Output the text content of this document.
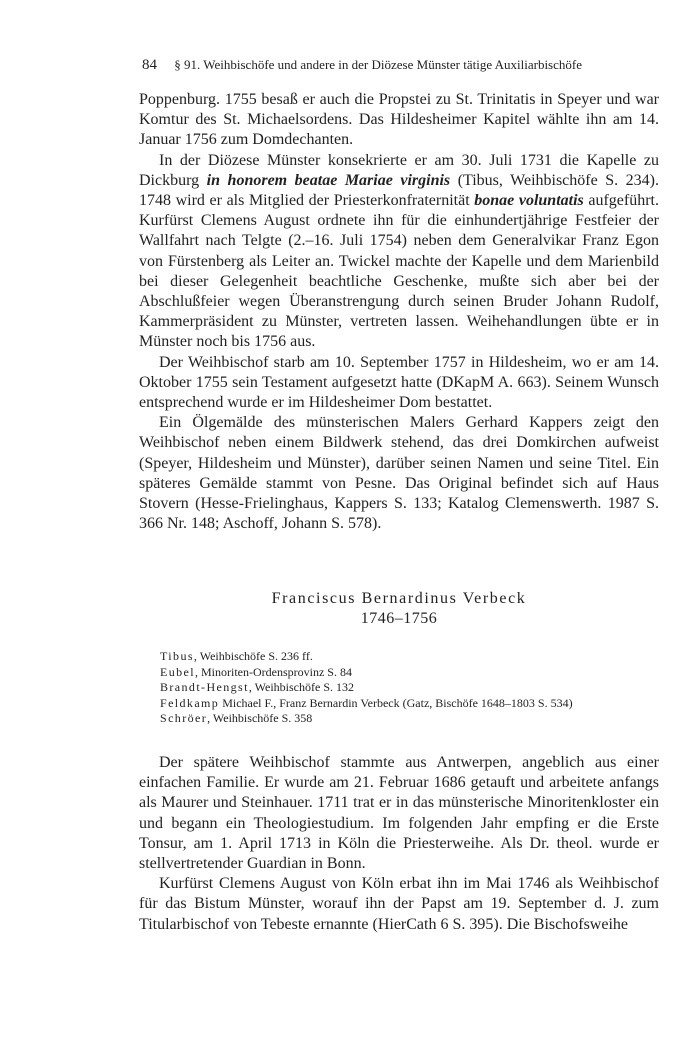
84 § 91. Weihbischöfe und andere in der Diözese Münster tätige Auxiliarbischöfe

Poppenburg. 1755 besaß er auch die Propstei zu St. Trinitatis in Speyer und war Komtur des St. Michaelsordens. Das Hildesheimer Kapitel wählte ihn am 14. Januar 1756 zum Domdechanten.

In der Diözese Münster konsekrierte er am 30. Juli 1731 die Kapelle zu Dickburg in honorem beatae Mariae virginis (Tibus, Weihbischöfe S. 234). 1748 wird er als Mitglied der Priesterkonfraternität bonae voluntatis aufgeführt. Kurfürst Clemens August ordnete ihn für die einhundertjährige Festfeier der Wallfahrt nach Telgte (2.–16. Juli 1754) neben dem Generalvikar Franz Egon von Fürstenberg als Leiter an. Twickel machte der Kapelle und dem Marienbild bei dieser Gelegenheit beachtliche Geschenke, mußte sich aber bei der Abschlußfeier wegen Überanstrengung durch seinen Bruder Johann Rudolf, Kammerpräsident zu Münster, vertreten lassen. Weihehandlungen übte er in Münster noch bis 1756 aus.

Der Weihbischof starb am 10. September 1757 in Hildesheim, wo er am 14. Oktober 1755 sein Testament aufgesetzt hatte (DKapM A. 663). Seinem Wunsch entsprechend wurde er im Hildesheimer Dom bestattet.

Ein Ölgemälde des münsterischen Malers Gerhard Kappers zeigt den Weihbischof neben einem Bildwerk stehend, das drei Domkirchen aufweist (Speyer, Hildesheim und Münster), darüber seinen Namen und seine Titel. Ein späteres Gemälde stammt von Pesne. Das Original befindet sich auf Haus Stovern (Hesse-Frielinghaus, Kappers S. 133; Katalog Clemenswerth. 1987 S. 366 Nr. 148; Aschoff, Johann S. 578).

Franciscus Bernardinus Verbeck
1746–1756
Tibus, Weihbischöfe S. 236 ff.
Eubel, Minoriten-Ordensprovinz S. 84
Brandt-Hengst, Weihbischöfe S. 132
Feldkamp Michael F., Franz Bernardin Verbeck (Gatz, Bischöfe 1648–1803 S. 534)
Schröer, Weihbischöfe S. 358

Der spätere Weihbischof stammte aus Antwerpen, angeblich aus einer einfachen Familie. Er wurde am 21. Februar 1686 getauft und arbeitete anfangs als Maurer und Steinhauer. 1711 trat er in das münsterische Minoritenkloster ein und begann ein Theologiestudium. Im folgenden Jahr empfing er die Erste Tonsur, am 1. April 1713 in Köln die Priesterweihe. Als Dr. theol. wurde er stellvertretender Guardian in Bonn.

Kurfürst Clemens August von Köln erbat ihn im Mai 1746 als Weihbischof für das Bistum Münster, worauf ihn der Papst am 19. September d. J. zum Titularbischof von Tebeste ernannte (HierCath 6 S. 395). Die Bischofsweihe
